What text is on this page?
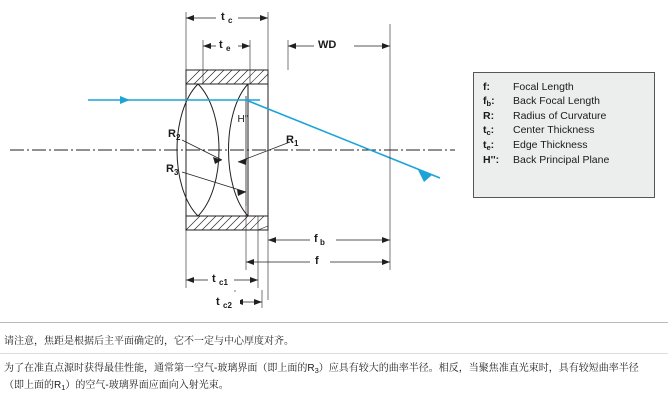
H''
t c
t e	WD
R 1
R 2
R 3
f b
f
t c1
t c2
f:	Focal Length
$f_b$:	Back Focal Length
R:	Radius of Curvature
$t_c$:	Center Thickness
$t_e$:	Edge Thickness
H'':	Back Principal Plane
请注意，焦距是根据后主平面确定的，它不一定与中心厚度对齐。
为了在准直点源时获得最佳性能，通常第一空气-玻璃界面（即上面的$R_3$）应具有较大的曲率半径。相反，当聚焦准直光束时，具有较短曲率半径（即上面的$R_1$）的空气-玻璃界面应面向入射光束。
